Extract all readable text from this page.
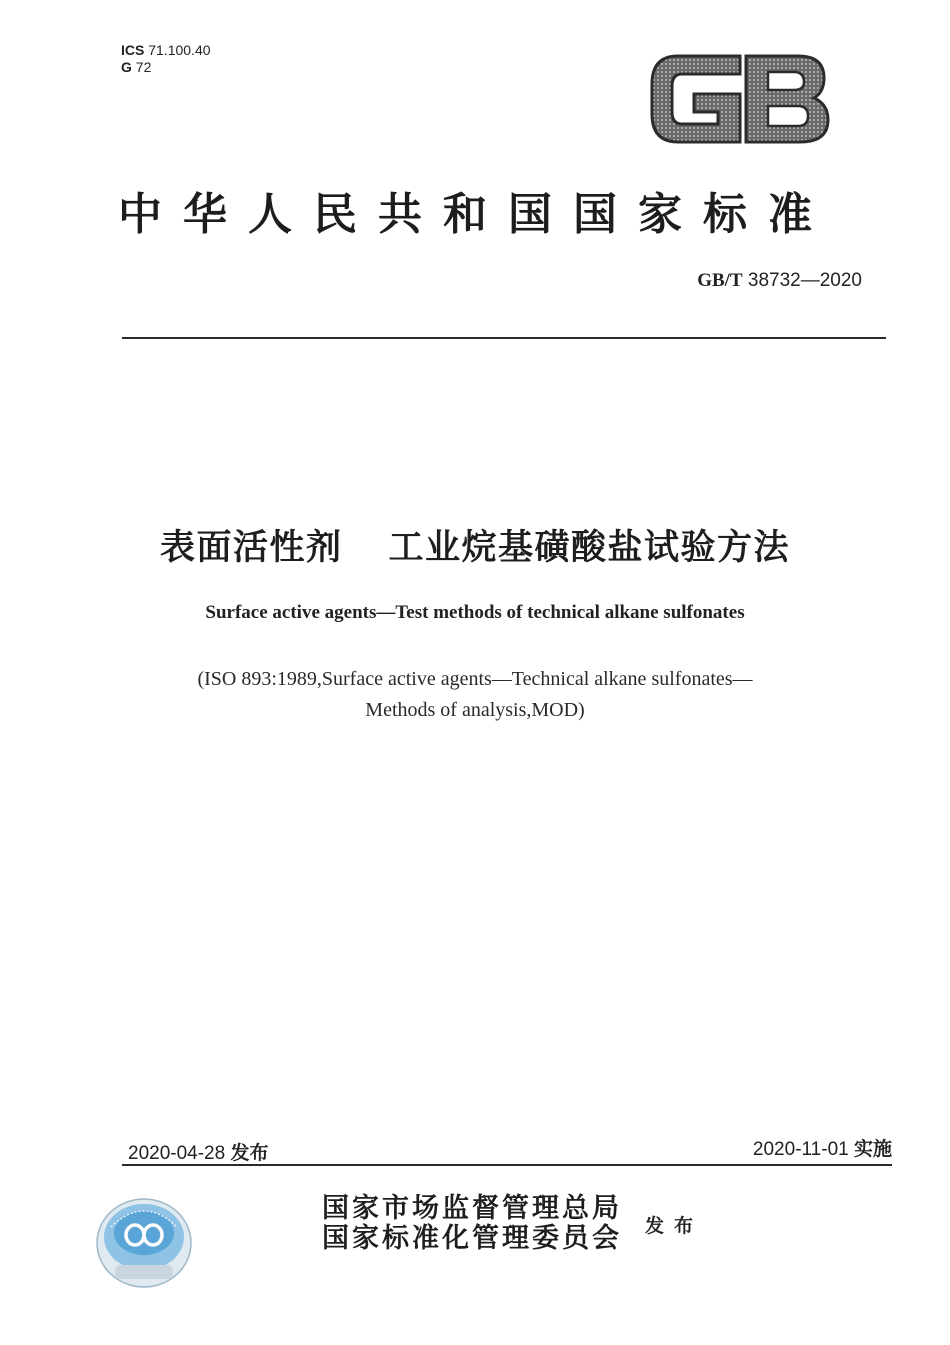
ICS 71.100.40
G 72
中华人民共和国国家标准
GB/T 38732—2020
表面活性剂 工业烷基磺酸盐试验方法
Surface active agents—Test methods of technical alkane sulfonates
(ISO 893:1989,Surface active agents—Technical alkane sulfonates—
Methods of analysis,MOD)
2020-04-28 发布	2020-11-01 实施
国家市场监督管理总局
国家标准化管理委员会 发布
